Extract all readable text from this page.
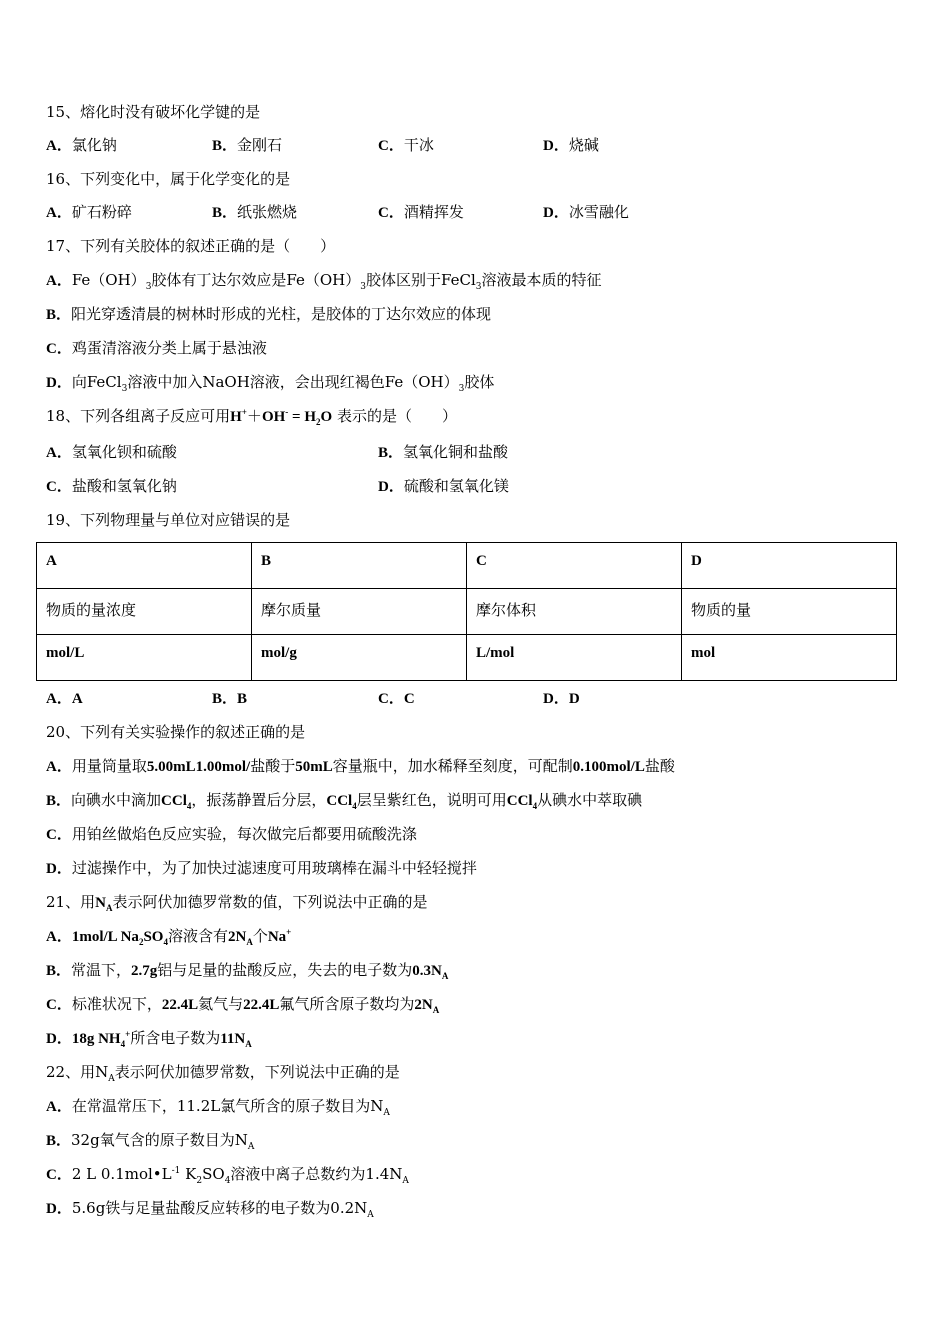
15、熔化时没有破坏化学键的是
A．氯化钠	B．金刚石	C．干冰	D．烧碱
16、下列变化中，属于化学变化的是
A．矿石粉碎	B．纸张燃烧	C．酒精挥发	D．冰雪融化
17、下列有关胶体的叙述正确的是（　　）
A．$Fe(OH)_3$胶体有丁达尔效应是$Fe(OH)_3$胶体区别于FeCl$_3$溶液最本质的特征
B．阳光穿透清晨的树林时形成的光柱，是胶体的丁达尔效应的体现
C．鸡蛋清溶液分类上属于悬浊液
D．向FeCl$_3$溶液中加入NaOH溶液，会出现红褐色$Fe(OH)_3$胶体
18、下列各组离子反应可用$H^++OH^- = H_2O$ 表示的是（　　）
A．氢氧化钡和硫酸	B．氢氧化铜和盐酸
C．盐酸和氢氧化钠	D．硫酸和氢氧化镁
19、下列物理量与单位对应错误的是
A	B	C	D
物质的量浓度	摩尔质量	摩尔体积	物质的量
mol/L	mol/g	L/mol	mol
A．A	B．B	C．C	D．D
20、下列有关实验操作的叙述正确的是
A．用量筒量取5.00mL1.00mol/盐酸于50mL容量瓶中，加水稀释至刻度，可配制0.100mol/L盐酸
B．向碘水中滴加CCl$_4$，振荡静置后分层，CCl$_4$层呈紫红色，说明可用CCl$_4$从碘水中萃取碘
C．用铂丝做焰色反应实验，每次做完后都要用硫酸洗涤
D．过滤操作中，为了加快过滤速度可用玻璃棒在漏斗中轻轻搅拌
21、用$N_A$表示阿伏加德罗常数的值，下列说法中正确的是
A．1mol/L $Na_2SO_4$溶液含有$2N_A$个Na+
B．常温下，2.7g铝与足量的盐酸反应，失去的电子数为$0.3N_A$
C．标准状况下，22.4L氦气与22.4L氟气所含原子数均为$2N_A$
D．18g $NH_4^+$所含电子数为$11N_A$
22、用$N_A$表示阿伏加德罗常数，下列说法中正确的是
A．在常温常压下，11.2L氯气所含的原子数目为$N_A$
B．32g氧气含的原子数目为$N_A$
C．2 L $0.1mol•L^{-1}$ $K_2SO_4$溶液中离子总数约为$1.4N_A$
D．5.6g铁与足量盐酸反应转移的电子数为$0.2N_A$
